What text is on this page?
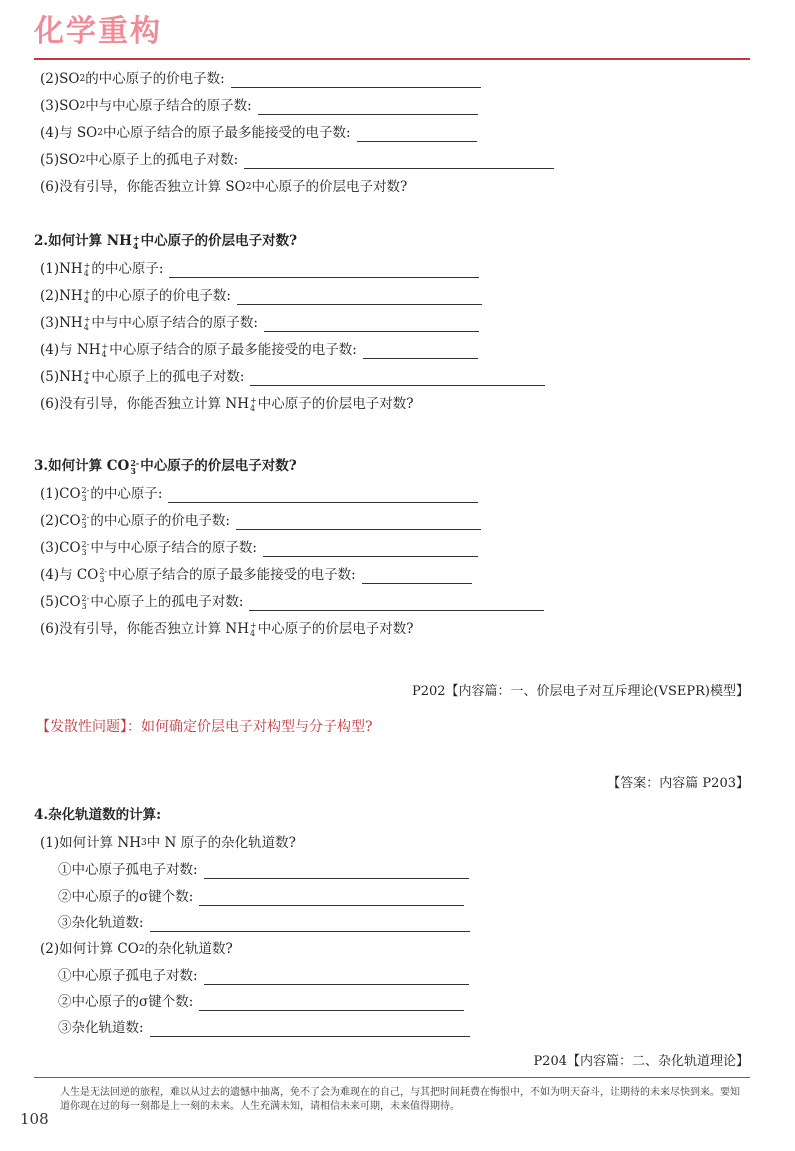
化学重构
(2)SO 2 的中心原子的价电子数:
(3)SO 2 中与中心原子结合的原子数:
(4)与 SO 2 中心原子结合的原子最多能接受的电子数:
(5)SO 2 中心原子上的孤电子对数:
(6)没有引导，你能否独立计算 SO 2 中心原子的价层电子对数?
2.如何计算 NH +
4 中心原子的价层电子对数?
(1)NH +
4 的中心原子:
(2)NH +
4 的中心原子的价电子数:
(3)NH +
4 中与中心原子结合的原子数:
(4)与 NH +
4 中心原子结合的原子最多能接受的电子数:
(5)NH +
4 中心原子上的孤电子对数:
(6)没有引导，你能否独立计算 NH +
4 中心原子的价层电子对数?
3.如何计算 CO 2-
3 中心原子的价层电子对数?
(1)CO 2-
3 的中心原子:
(2)CO 2-
3 的中心原子的价电子数:
(3)CO 2-
3 中与中心原子结合的原子数:
(4)与 CO 2-
3 中心原子结合的原子最多能接受的电子数:
(5)CO 2-
3 中心原子上的孤电子对数:
(6)没有引导，你能否独立计算 NH +
4 中心原子的价层电子对数?
P202【内容篇：一、价层电子对互斥理论(VSEPR)模型】
【发散性问题】：如何确定价层电子对构型与分子构型?
【答案：内容篇 P203】
4.杂化轨道数的计算:
(1)如何计算 NH 3 中 N 原子的杂化轨道数?
①中心原子孤电子对数:
②中心原子的σ键个数:
③杂化轨道数:
(2)如何计算 CO 2 的杂化轨道数?
①中心原子孤电子对数:
②中心原子的σ键个数:
③杂化轨道数:
P204【内容篇：二、杂化轨道理论】
人生是无法回逆的旅程，难以从过去的遗憾中抽离，免不了会为难现在的自己，与其把时间耗费在悔恨中，不如为明天奋斗，让期待的未来尽快到来。要知道你现在过的每一刻都是上一刻的未来。人生充满未知，请相信未来可期，未来值得期待。
108
